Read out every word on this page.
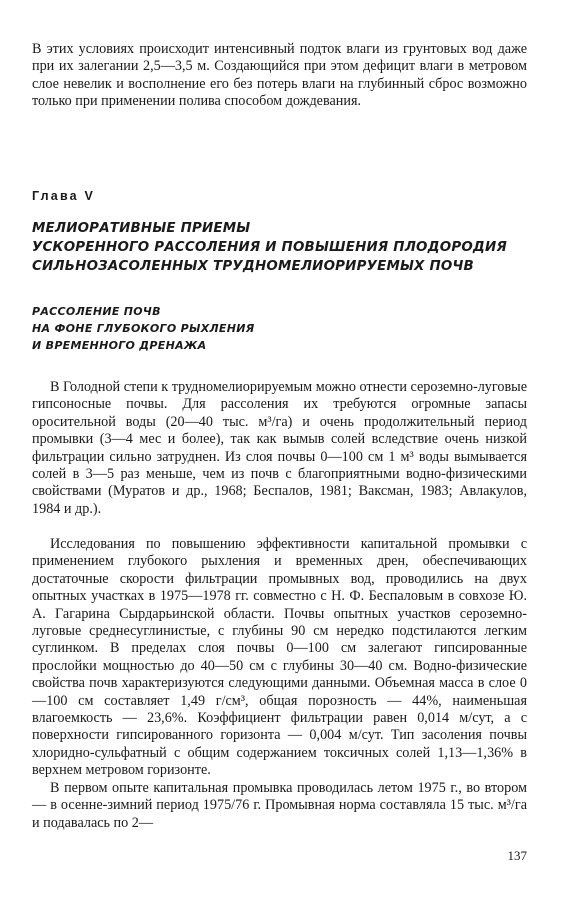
В этих условиях происходит интенсивный подток влаги из грунтовых вод даже при их залегании 2,5—3,5 м. Создающийся при этом дефицит влаги в метровом слое невелик и восполнение его без потерь влаги на глубинный сброс возможно только при применении полива способом дождевания.

Глава V
МЕЛИОРАТИВНЫЕ ПРИЕМЫ
УСКОРЕННОГО РАССОЛЕНИЯ И ПОВЫШЕНИЯ ПЛОДОРОДИЯ
СИЛЬНОЗАСОЛЕННЫХ ТРУДНОМЕЛИОРИРУЕМЫХ ПОЧВ
РАССОЛЕНИЕ ПОЧВ
НА ФОНЕ ГЛУБОКОГО РЫХЛЕНИЯ
И ВРЕМЕННОГО ДРЕНАЖА

В Голодной степи к трудномелиорируемым можно отнести сероземно-луговые гипсоносные почвы. Для рассоления их требуются огромные запасы оросительной воды (20—40 тыс. м³/га) и очень продолжительный период промывки (3—4 мес и более), так как вымыв солей вследствие очень низкой фильтрации сильно затруднен. Из слоя почвы 0—100 см 1 м³ воды вымывается солей в 3—5 раз меньше, чем из почв с благоприятными водно-физическими свойствами (Муратов и др., 1968; Беспалов, 1981; Ваксман, 1983; Авлакулов, 1984 и др.).

Исследования по повышению эффективности капитальной промывки с применением глубокого рыхления и временных дрен, обеспечивающих достаточные скорости фильтрации промывных вод, проводились на двух опытных участках в 1975—1978 гг. совместно с Н. Ф. Беспаловым в совхозе Ю. А. Гагарина Сырдарьинской области. Почвы опытных участков сероземно-луговые среднесуглинистые, с глубины 90 см нередко подстилаются легким суглинком. В пределах слоя почвы 0—100 см залегают гипсированные прослойки мощностью до 40—50 см с глубины 30—40 см. Водно-физические свойства почв характеризуются следующими данными. Объемная масса в слое 0—100 см составляет 1,49 г/см³, общая порозность — 44%, наименьшая влагоемкость — 23,6%. Коэффициент фильтрации равен 0,014 м/сут, а с поверхности гипсированного горизонта — 0,004 м/сут. Тип засоления почвы хлоридно-сульфатный с общим содержанием токсичных солей 1,13—1,36% в верхнем метровом горизонте.

В первом опыте капитальная промывка проводилась летом 1975 г., во втором — в осенне-зимний период 1975/76 г. Промывная норма составляла 15 тыс. м³/га и подавалась по 2—

137
